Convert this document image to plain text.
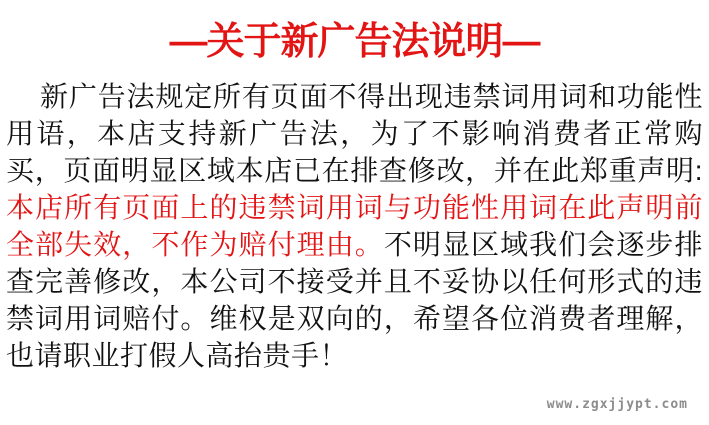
—关于新广告法说明—

新广告法规定所有页面不得出现违禁词用词和功能性用语，本店支持新广告法，为了不影响消费者正常购买，页面明显区域本店已在排查修改，并在此郑重声明:本店所有页面上的违禁词用词与功能性用词在此声明前全部失效，不作为赔付理由。不明显区域我们会逐步排查完善修改，本公司不接受并且不妥协以任何形式的违禁词用词赔付。维权是双向的，希望各位消费者理解，也请职业打假人高抬贵手！

www.zgxjjypt.com
